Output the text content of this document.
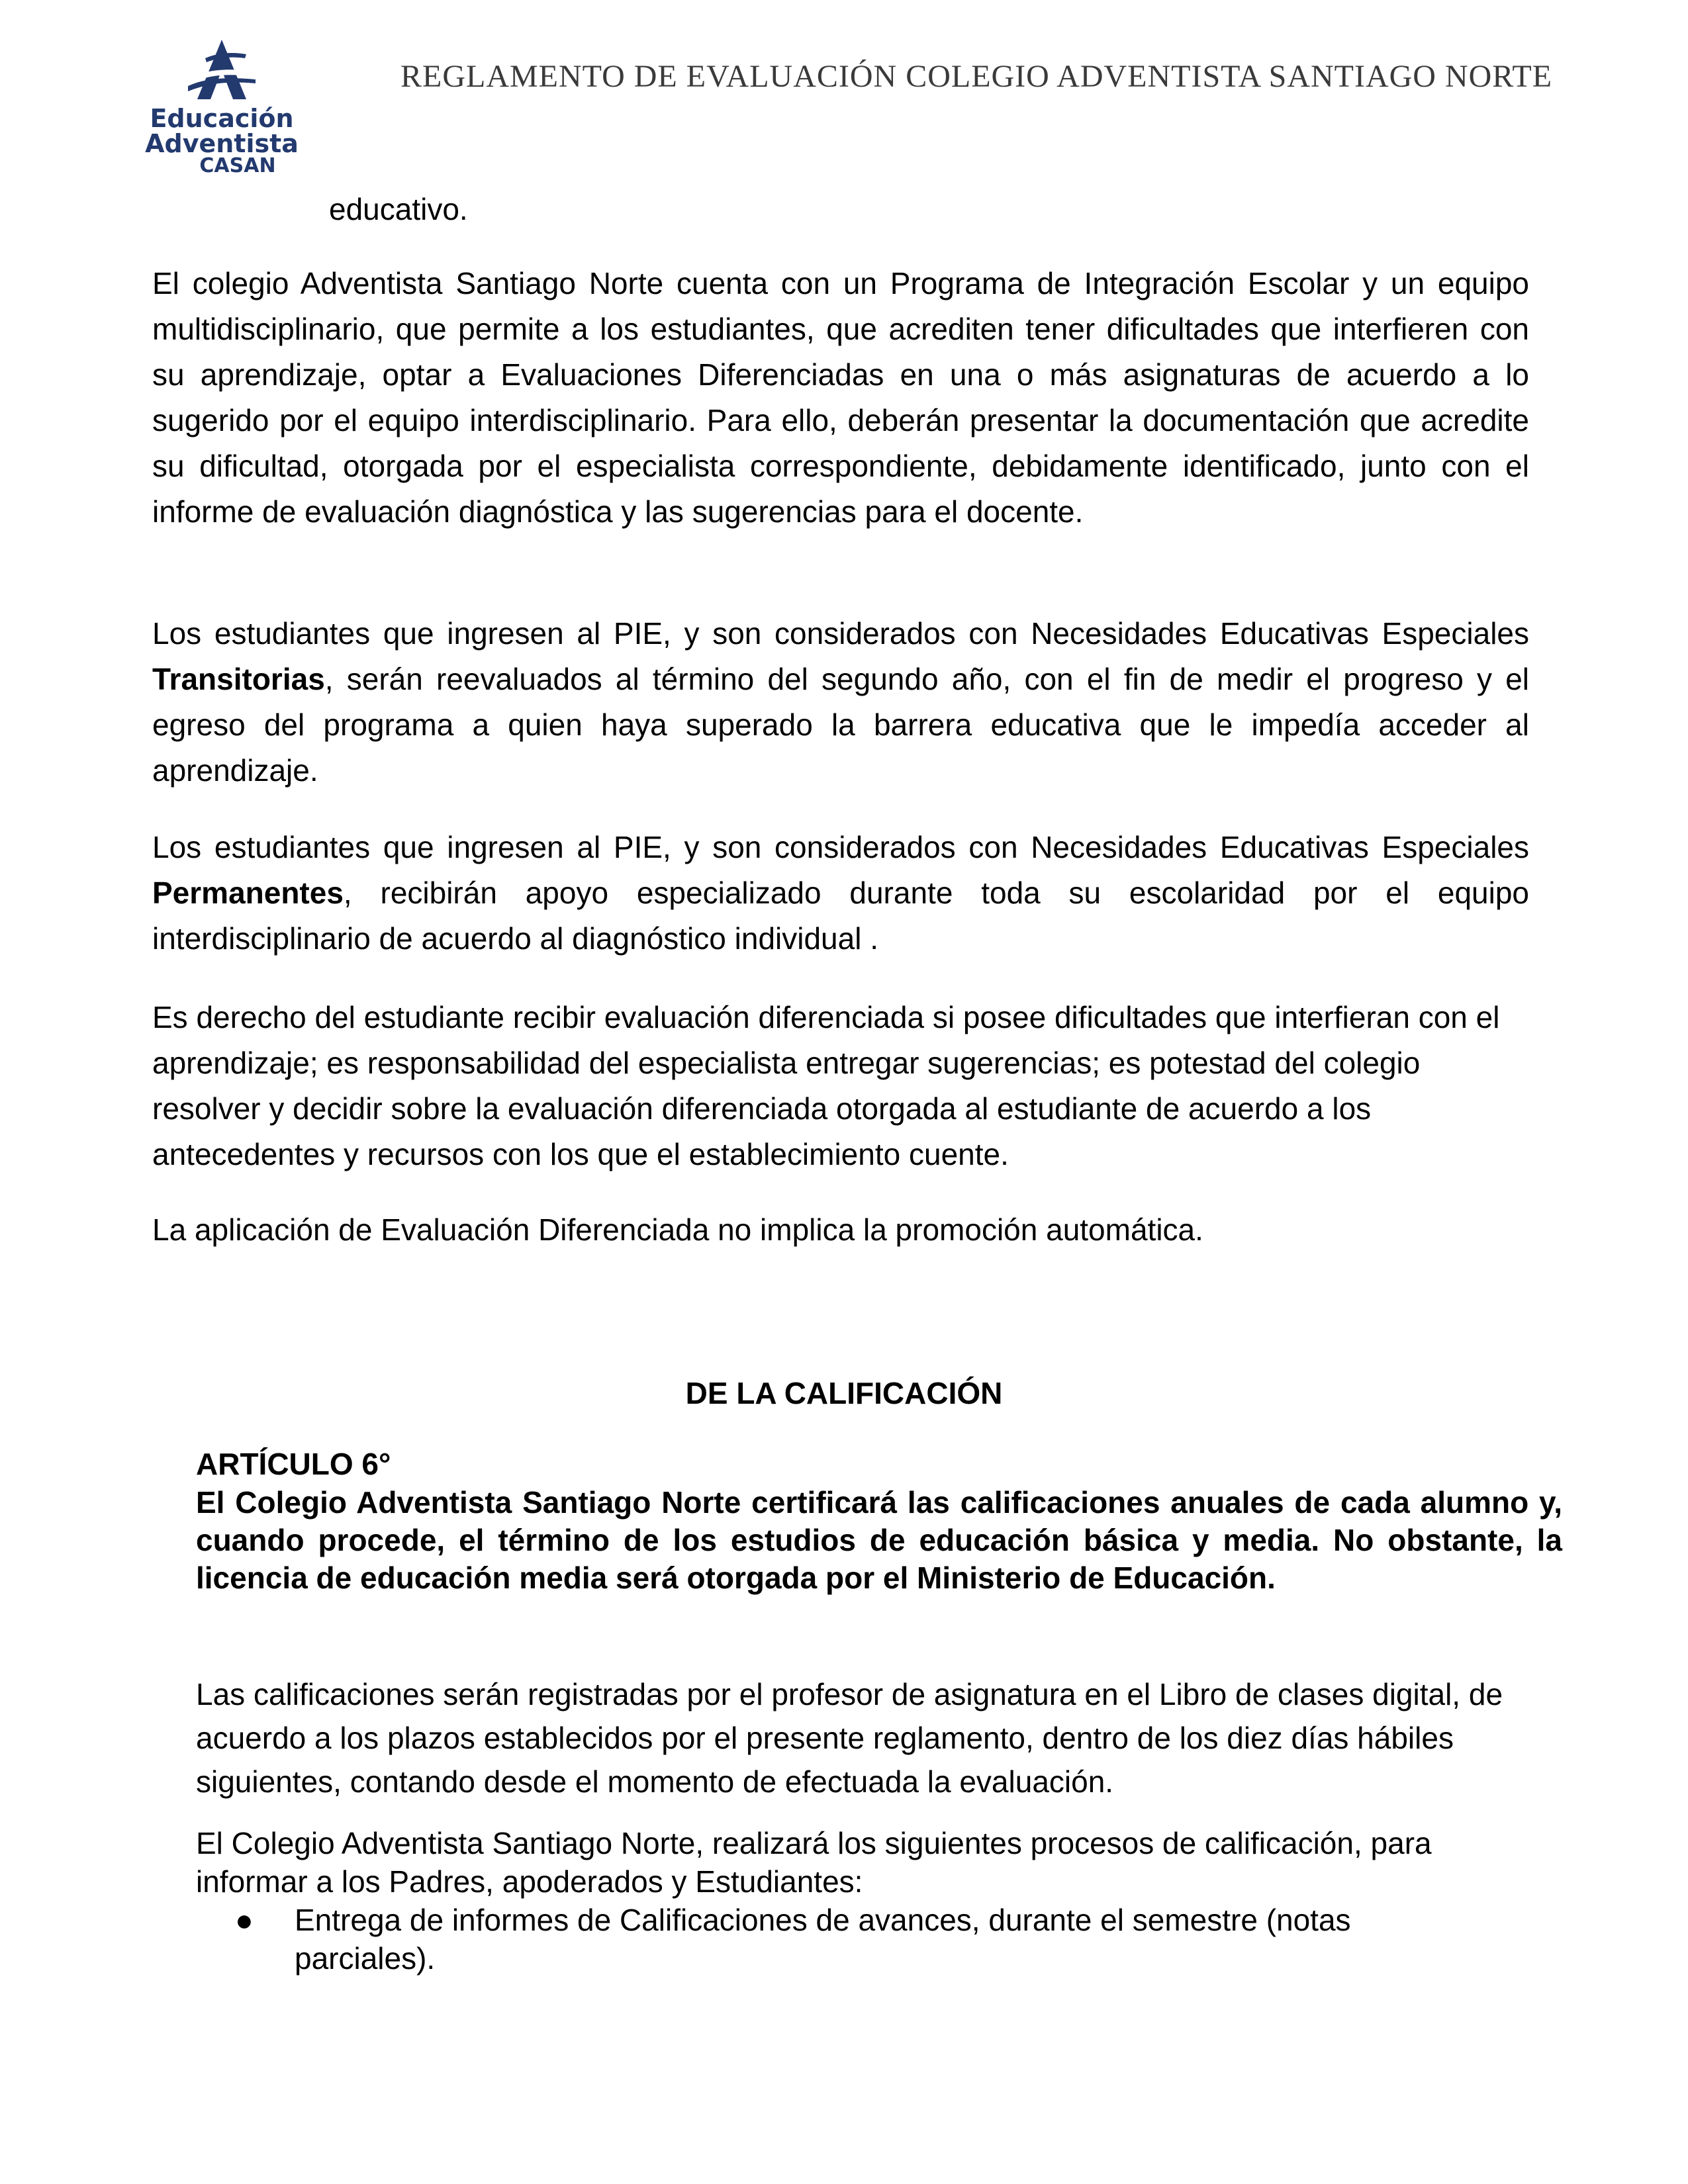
Educación
Adventista
CASAN
REGLAMENTO DE EVALUACIÓN COLEGIO ADVENTISTA SANTIAGO NORTE

educativo.

El colegio Adventista Santiago Norte cuenta con un Programa de Integración Escolar y un equipo multidisciplinario, que permite a los estudiantes, que acrediten tener dificultades que interfieren con su aprendizaje, optar a Evaluaciones Diferenciadas en una o más asignaturas de acuerdo a lo sugerido por el equipo interdisciplinario. Para ello, deberán presentar la documentación que acredite su dificultad, otorgada por el especialista correspondiente, debidamente identificado, junto con el informe de evaluación diagnóstica y las sugerencias para el docente.

Los estudiantes que ingresen al PIE, y son considerados con Necesidades Educativas Especiales Transitorias, serán reevaluados al término del segundo año, con el fin de medir el progreso y el egreso del programa a quien haya superado la barrera educativa que le impedía acceder al aprendizaje.

Los estudiantes que ingresen al PIE, y son considerados con Necesidades Educativas Especiales Permanentes, recibirán apoyo especializado durante toda su escolaridad por el equipo interdisciplinario de acuerdo al diagnóstico individual .

Es derecho del estudiante recibir evaluación diferenciada si posee dificultades que interfieran con el aprendizaje; es responsabilidad del especialista entregar sugerencias; es potestad del colegio resolver y decidir sobre la evaluación diferenciada otorgada al estudiante de acuerdo a los antecedentes y recursos con los que el establecimiento cuente.

La aplicación de Evaluación Diferenciada no implica la promoción automática.

DE LA CALIFICACIÓN

ARTÍCULO 6°

El Colegio Adventista Santiago Norte certificará las calificaciones anuales de cada alumno y, cuando procede, el término de los estudios de educación básica y media. No obstante, la licencia de educación media será otorgada por el Ministerio de Educación.

Las calificaciones serán registradas por el profesor de asignatura en el Libro de clases digital, de acuerdo a los plazos establecidos por el presente reglamento, dentro de los diez días hábiles siguientes, contando desde el momento de efectuada la evaluación.

El Colegio Adventista Santiago Norte, realizará los siguientes procesos de calificación, para informar a los Padres, apoderados y Estudiantes:

●	Entrega de informes de Calificaciones de avances, durante el semestre (notas parciales).
